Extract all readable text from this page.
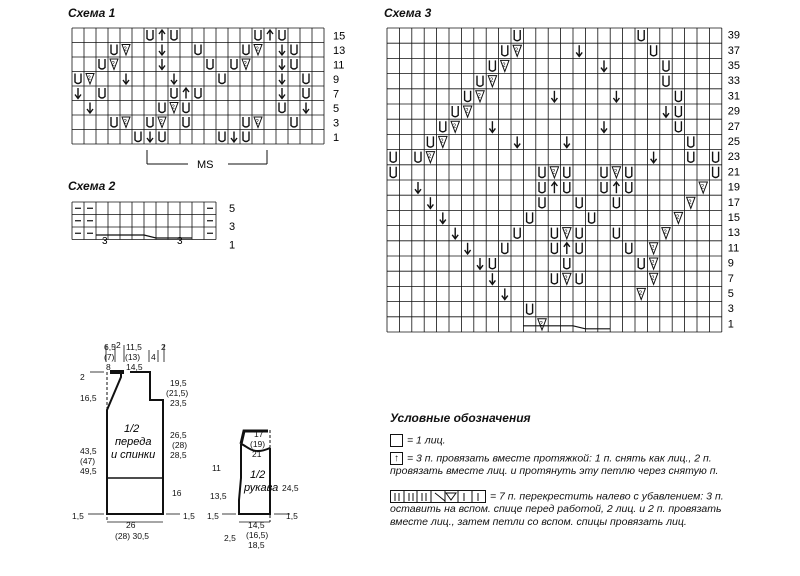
Схема 1
Схема 2
Схема 3
2	2
2	2
2
2
2	2	2
15
13
11
9
7
5
3
1
MS
5
3
1
3	3
2
2
2
2
2
2
2
2
2	2
2
2
2
2	2
2
2
2	2
2
2
39
37
35
33
31
29
27
25
23
21
19
17
15
13
11
9
7
5
3
1
1/2
переда
и спинки
6,5
(7)
8
2 11,5
(13)
14,5
4
2
2
16,5
43,5
(47)
49,5
1,5
19,5
(21,5)
23,5
26,5
(28)
28,5
16
1,5
26
(28) 30,5
1/2
рукава
17
(19)
21
11
13,5
1,5
24,5
1,5
2,5
14,5
(16,5)
18,5
Условные обозначения
= 1 лиц.
↑ = 3 п. провязать вместе протяжкой: 1 п. снять как лиц., 2 п. провязать вместе лиц. и протянуть эту петлю через снятую п.
= 7 п. перекрестить налево с убавлением: 3 п. оставить на вспом. спице перед работой, 2 лиц. и 2 п. провязать вместе лиц., затем петли со вспом. спицы провязать лиц.
